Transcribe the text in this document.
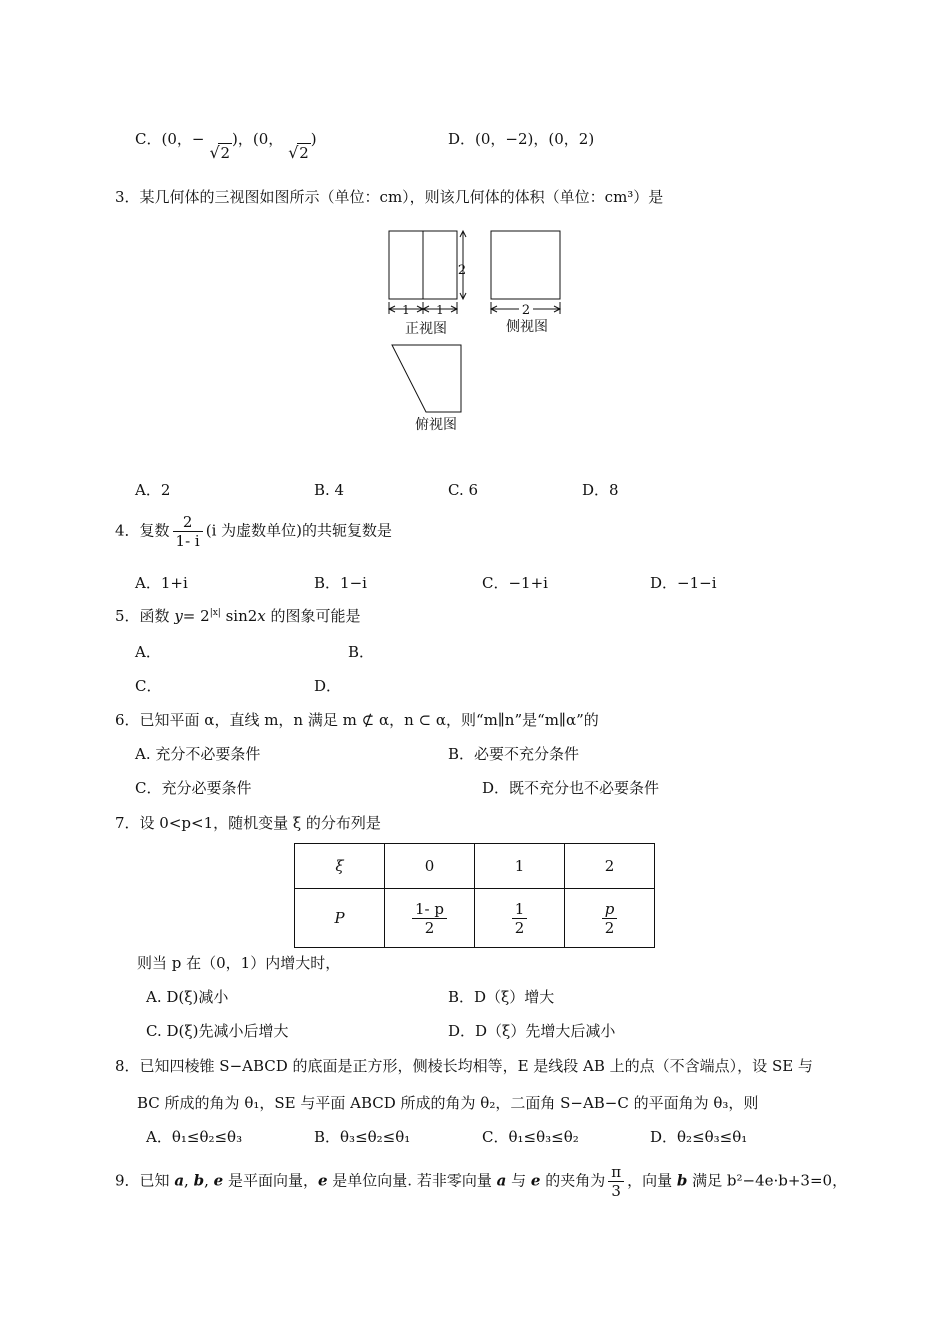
C．(0，−√ 2)，(0，√ 2)	D．(0，−2)，(0，2)
3．某几何体的三视图如图所示（单位：cm），则该几何体的体积（单位：cm³）是
2
1 1
正视图
2
侧视图
俯视图
A．2	B. 4	C. 6	D．8
4．复数 $\frac{2}{1- i} (i$ 为虚数单位)的共轭复数是
A．1+i	B．1−i	C．−1+i	D．−1−i
5．函数 $y= 2^{|x|}$ sin2x 的图象可能是
A．	B．
C．	D．
6．已知平面 α，直线 m，n 满足 m ⊄ α，n ⊂ α，则“m∥n”是“m∥α”的
A. 充分不必要条件	B．必要不充分条件
C．充分必要条件	D．既不充分也不必要条件
7．设 0<p<1，随机变量 ξ 的分布列是
ξ	0	1	2
P	$\frac{1- p}{2}$	$\frac{1}{2}$	$\frac{p}{2}$
则当 p 在（0，1）内增大时，
A. D(ξ)减小	B．D（ξ）增大
C. D(ξ)先减小后增大	D．D（ξ）先增大后减小
8．已知四棱锥 S−ABCD 的底面是正方形，侧棱长均相等，E 是线段 AB 上的点（不含端点），设 SE 与
BC 所成的角为 θ₁，SE 与平面 ABCD 所成的角为 θ₂，二面角 S−AB−C 的平面角为 θ₃，则
A．θ₁≤θ₂≤θ₃	B．θ₃≤θ₂≤θ₁	C．θ₁≤θ₃≤θ₂	D．θ₂≤θ₃≤θ₁
9．已知 a, b, e 是平面向量，e 是单位向量. 若非零向量 a 与 e 的夹角为 $\frac{\pi}{3}$ ，向量 b 满足 b²−4e·b+3=0，
